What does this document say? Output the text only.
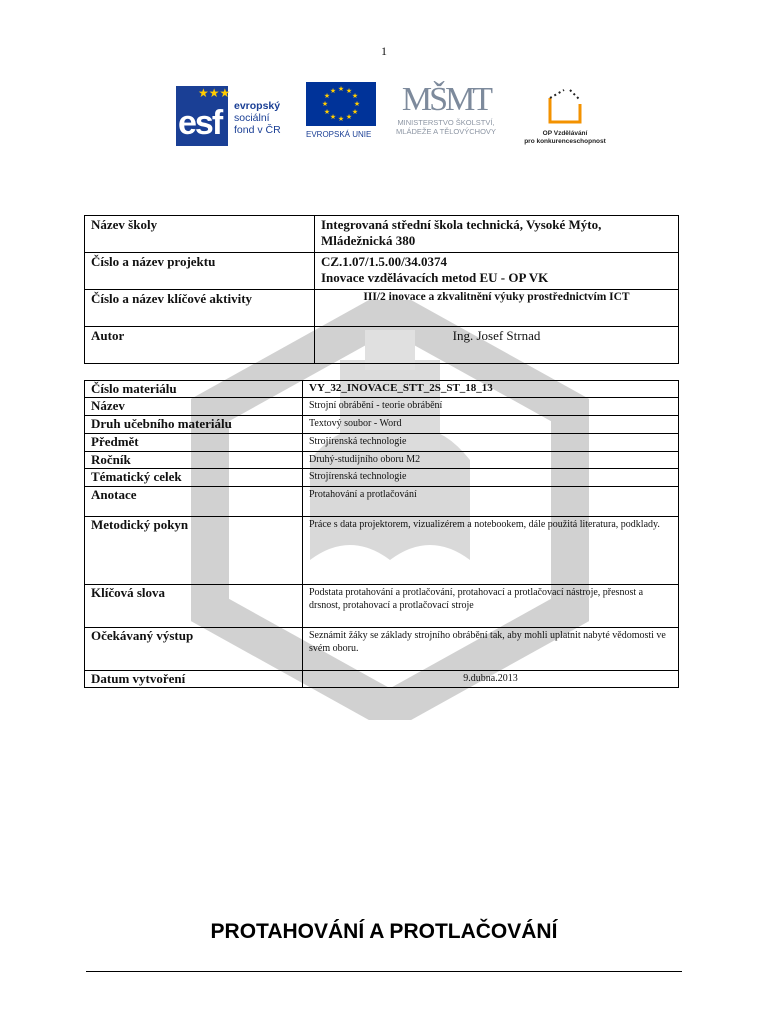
1
esf
★★★
evropský
sociální
fond v ČR
★ ★
★
★
★
★
★
★
★
★
★
★
EVROPSKÁ UNIE
MŠMT
MINISTERSTVO ŠKOLSTVÍ,
MLÁDEŽE A TĚLOVÝCHOVY	OP Vzdělávání
pro konkurenceschopnost
Název školy	Integrovaná střední škola technická, Vysoké Mýto, Mládežnická 380
Číslo a název projektu	CZ.1.07/1.5.00/34.0374
Inovace vzdělávacích metod EU - OP VK
Číslo a název klíčové aktivity	III/2 inovace a zkvalitnění výuky prostřednictvím ICT
Autor	Ing. Josef Strnad
Číslo materiálu	VY_32_INOVACE_STT_2S_ST_18_13
Název	Strojní obrábění - teorie obrábění
Druh učebního materiálu	Textový soubor - Word
Předmět	Strojírenská technologie
Ročník	Druhý-studijního oboru M2
Tématický celek	Strojírenská technologie
Anotace	Protahování a protlačování
Metodický pokyn	Práce s data projektorem, vizualizérem a notebookem, dále použitá literatura, podklady.
Klíčová slova	Podstata protahování a protlačování, protahovací a protlačovací nástroje, přesnost a drsnost, protahovací a protlačovací stroje
Očekávaný výstup	Seznámit žáky se základy strojního obrábění tak, aby mohli uplatnit nabyté vědomosti ve svém oboru.
Datum vytvoření	9.dubna.2013
PROTAHOVÁNÍ A PROTLAČOVÁNÍ
